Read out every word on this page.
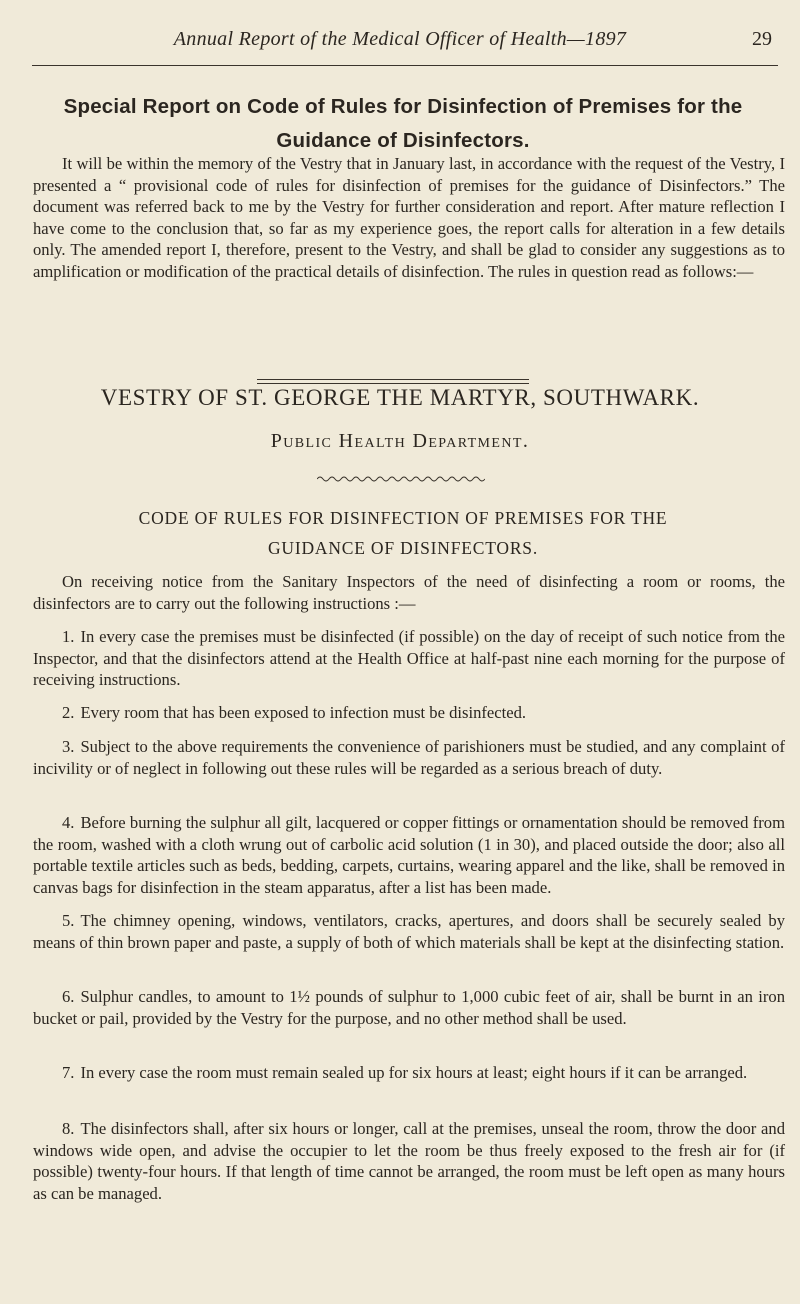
Annual Report of the Medical Officer of Health—1897	29
Special Report on Code of Rules for Disinfection of Premises for the
Guidance of Disinfectors.

It will be within the memory of the Vestry that in January last, in accordance with the request of the Vestry, I presented a “ provisional code of rules for disinfection of premises for the guidance of Disinfectors.” The document was referred back to me by the Vestry for further consideration and report. After mature reflection I have come to the conclusion that, so far as my experience goes, the report calls for alteration in a few details only. The amended report I, therefore, present to the Vestry, and shall be glad to consider any suggestions as to amplification or modification of the practical details of disinfection. The rules in question read as follows:—

VESTRY OF ST. GEORGE THE MARTYR, SOUTHWARK.
Public Health Department.
CODE OF RULES FOR DISINFECTION OF PREMISES FOR THE
GUIDANCE OF DISINFECTORS.

On receiving notice from the Sanitary Inspectors of the need of disinfecting a room or rooms, the disinfectors are to carry out the following instructions :—

1. In every case the premises must be disinfected (if possible) on the day of receipt of such notice from the Inspector, and that the disinfectors attend at the Health Office at half-past nine each morning for the purpose of receiving instructions.

2. Every room that has been exposed to infection must be disinfected.

3. Subject to the above requirements the convenience of parishioners must be studied, and any complaint of incivility or of neglect in following out these rules will be regarded as a serious breach of duty.

4. Before burning the sulphur all gilt, lacquered or copper fittings or ornamentation should be removed from the room, washed with a cloth wrung out of carbolic acid solution (1 in 30), and placed outside the door; also all portable textile articles such as beds, bedding, carpets, curtains, wearing apparel and the like, shall be removed in canvas bags for disinfection in the steam apparatus, after a list has been made.

5. The chimney opening, windows, ventilators, cracks, apertures, and doors shall be securely sealed by means of thin brown paper and paste, a supply of both of which materials shall be kept at the disinfecting station.

6. Sulphur candles, to amount to 1½ pounds of sulphur to 1,000 cubic feet of air, shall be burnt in an iron bucket or pail, provided by the Vestry for the purpose, and no other method shall be used.

7. In every case the room must remain sealed up for six hours at least; eight hours if it can be arranged.

8. The disinfectors shall, after six hours or longer, call at the premises, unseal the room, throw the door and windows wide open, and advise the occupier to let the room be thus freely exposed to the fresh air for (if possible) twenty-four hours. If that length of time cannot be arranged, the room must be left open as many hours as can be managed.
